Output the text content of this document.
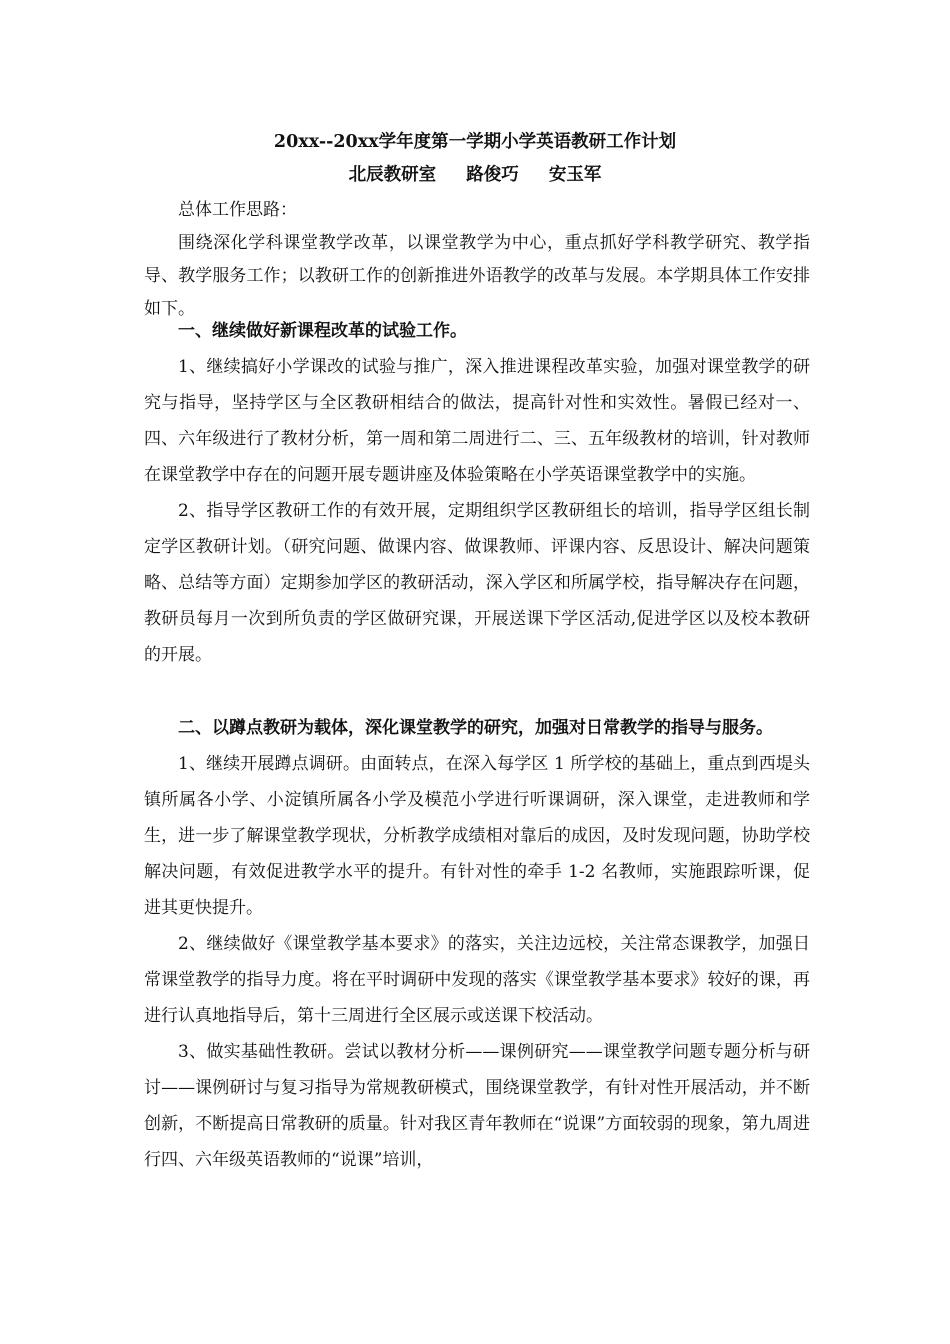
20xx--20xx学年度第一学期小学英语教研工作计划
北辰教研室 路俊巧 安玉军

总体工作思路：

围绕深化学科课堂教学改革，以课堂教学为中心，重点抓好学科教学研究、教学指导、教学服务工作；以教研工作的创新推进外语教学的改革与发展。本学期具体工作安排如下。

一、继续做好新课程改革的试验工作。

1、继续搞好小学课改的试验与推广，深入推进课程改革实验，加强对课堂教学的研究与指导，坚持学区与全区教研相结合的做法，提高针对性和实效性。暑假已经对一、四、六年级进行了教材分析，第一周和第二周进行二、三、五年级教材的培训，针对教师在课堂教学中存在的问题开展专题讲座及体验策略在小学英语课堂教学中的实施。

2、指导学区教研工作的有效开展，定期组织学区教研组长的培训，指导学区组长制定学区教研计划。（研究问题、做课内容、做课教师、评课内容、反思设计、解决问题策略、总结等方面）定期参加学区的教研活动，深入学区和所属学校，指导解决存在问题，教研员每月一次到所负责的学区做研究课，开展送课下学区活动,促进学区以及校本教研的开展。

二、以蹲点教研为载体，深化课堂教学的研究，加强对日常教学的指导与服务。

1、继续开展蹲点调研。由面转点，在深入每学区 1 所学校的基础上，重点到西堤头镇所属各小学、小淀镇所属各小学及模范小学进行听课调研，深入课堂，走进教师和学生，进一步了解课堂教学现状，分析教学成绩相对靠后的成因，及时发现问题，协助学校解决问题，有效促进教学水平的提升。有针对性的牵手 1-2 名教师，实施跟踪听课，促进其更快提升。

2、继续做好《课堂教学基本要求》的落实，关注边远校，关注常态课教学，加强日常课堂教学的指导力度。将在平时调研中发现的落实《课堂教学基本要求》较好的课，再进行认真地指导后，第十三周进行全区展示或送课下校活动。

3、做实基础性教研。尝试以教材分析——课例研究——课堂教学问题专题分析与研讨——课例研讨与复习指导为常规教研模式，围绕课堂教学，有针对性开展活动，并不断创新，不断提高日常教研的质量。针对我区青年教师在“说课”方面较弱的现象，第九周进行四、六年级英语教师的“说课”培训，
